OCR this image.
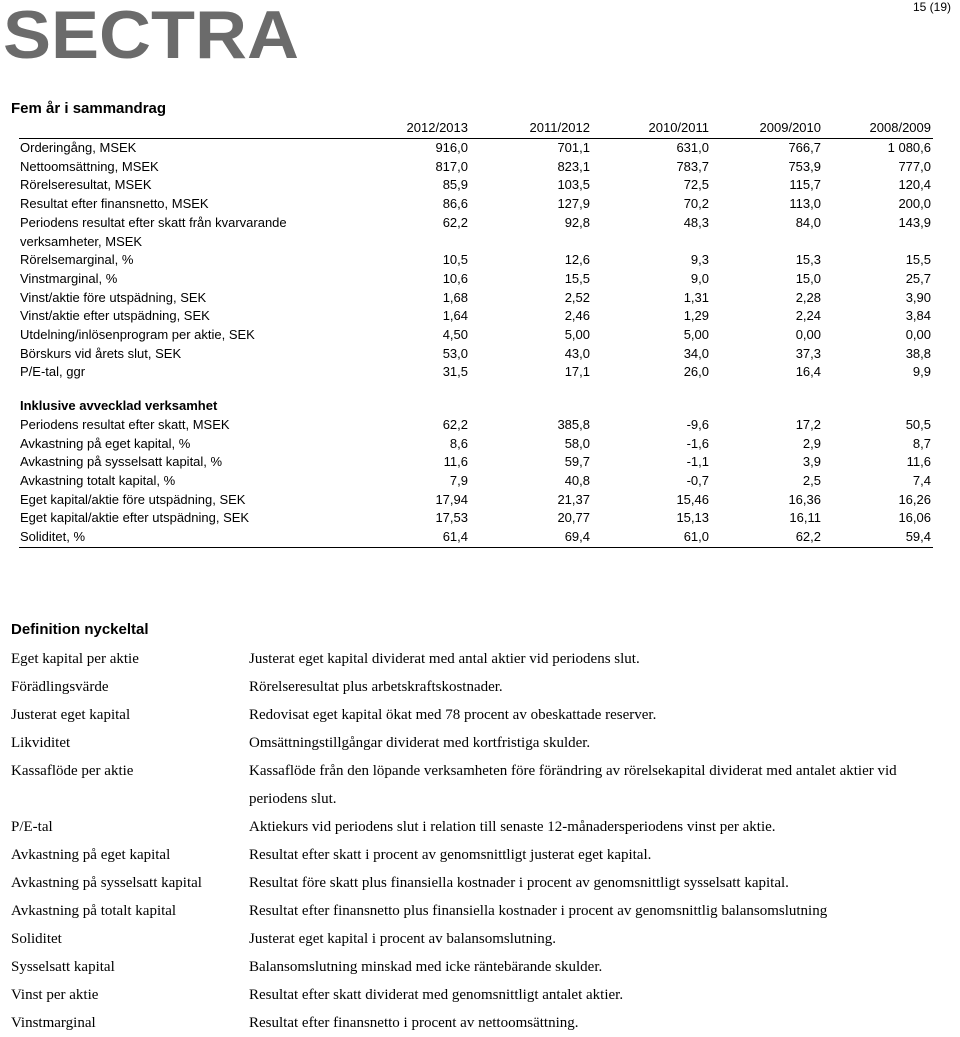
SECTRA	15 (19)
Fem år i sammandrag
	2012/2013	2011/2012	2010/2011	2009/2010	2008/2009
Orderingång, MSEK	916,0	701,1	631,0	766,7	1 080,6
Nettoomsättning, MSEK	817,0	823,1	783,7	753,9	777,0
Rörelseresultat, MSEK	85,9	103,5	72,5	115,7	120,4
Resultat efter finansnetto, MSEK	86,6	127,9	70,2	113,0	200,0
Periodens resultat efter skatt från kvarvarande verksamheter, MSEK	62,2	92,8	48,3	84,0	143,9
Rörelsemarginal, %	10,5	12,6	9,3	15,3	15,5
Vinstmarginal, %	10,6	15,5	9,0	15,0	25,7
Vinst/aktie före utspädning, SEK	1,68	2,52	1,31	2,28	3,90
Vinst/aktie efter utspädning, SEK	1,64	2,46	1,29	2,24	3,84
Utdelning/inlösenprogram per aktie, SEK	4,50	5,00	5,00	0,00	0,00
Börskurs vid årets slut, SEK	53,0	43,0	34,0	37,3	38,8
P/E-tal, ggr	31,5	17,1	26,0	16,4	9,9

Inklusive avvecklad verksamhet					
Periodens resultat efter skatt, MSEK	62,2	385,8	-9,6	17,2	50,5
Avkastning på eget kapital, %	8,6	58,0	-1,6	2,9	8,7
Avkastning på sysselsatt kapital, %	11,6	59,7	-1,1	3,9	11,6
Avkastning totalt kapital, %	7,9	40,8	-0,7	2,5	7,4
Eget kapital/aktie före utspädning, SEK	17,94	21,37	15,46	16,36	16,26
Eget kapital/aktie efter utspädning, SEK	17,53	20,77	15,13	16,11	16,06
Soliditet, %	61,4	69,4	61,0	62,2	59,4
Definition nyckeltal
Eget kapital per aktie	Justerat eget kapital dividerat med antal aktier vid periodens slut.
Förädlingsvärde	Rörelseresultat plus arbetskraftskostnader.
Justerat eget kapital	Redovisat eget kapital ökat med 78 procent av obeskattade reserver.
Likviditet	Omsättningstillgångar dividerat med kortfristiga skulder.
Kassaflöde per aktie	Kassaflöde från den löpande verksamheten före förändring av rörelsekapital dividerat med antalet aktier vid periodens slut.
P/E-tal	Aktiekurs vid periodens slut i relation till senaste 12-månadersperiodens vinst per aktie.
Avkastning på eget kapital	Resultat efter skatt i procent av genomsnittligt justerat eget kapital.
Avkastning på sysselsatt kapital	Resultat före skatt plus finansiella kostnader i procent av genomsnittligt sysselsatt kapital.
Avkastning på totalt kapital	Resultat efter finansnetto plus finansiella kostnader i procent av genomsnittlig balansomslutning
Soliditet	Justerat eget kapital i procent av balansomslutning.
Sysselsatt kapital	Balansomslutning minskad med icke räntebärande skulder.
Vinst per aktie	Resultat efter skatt dividerat med genomsnittligt antalet aktier.
Vinstmarginal	Resultat efter finansnetto i procent av nettoomsättning.
